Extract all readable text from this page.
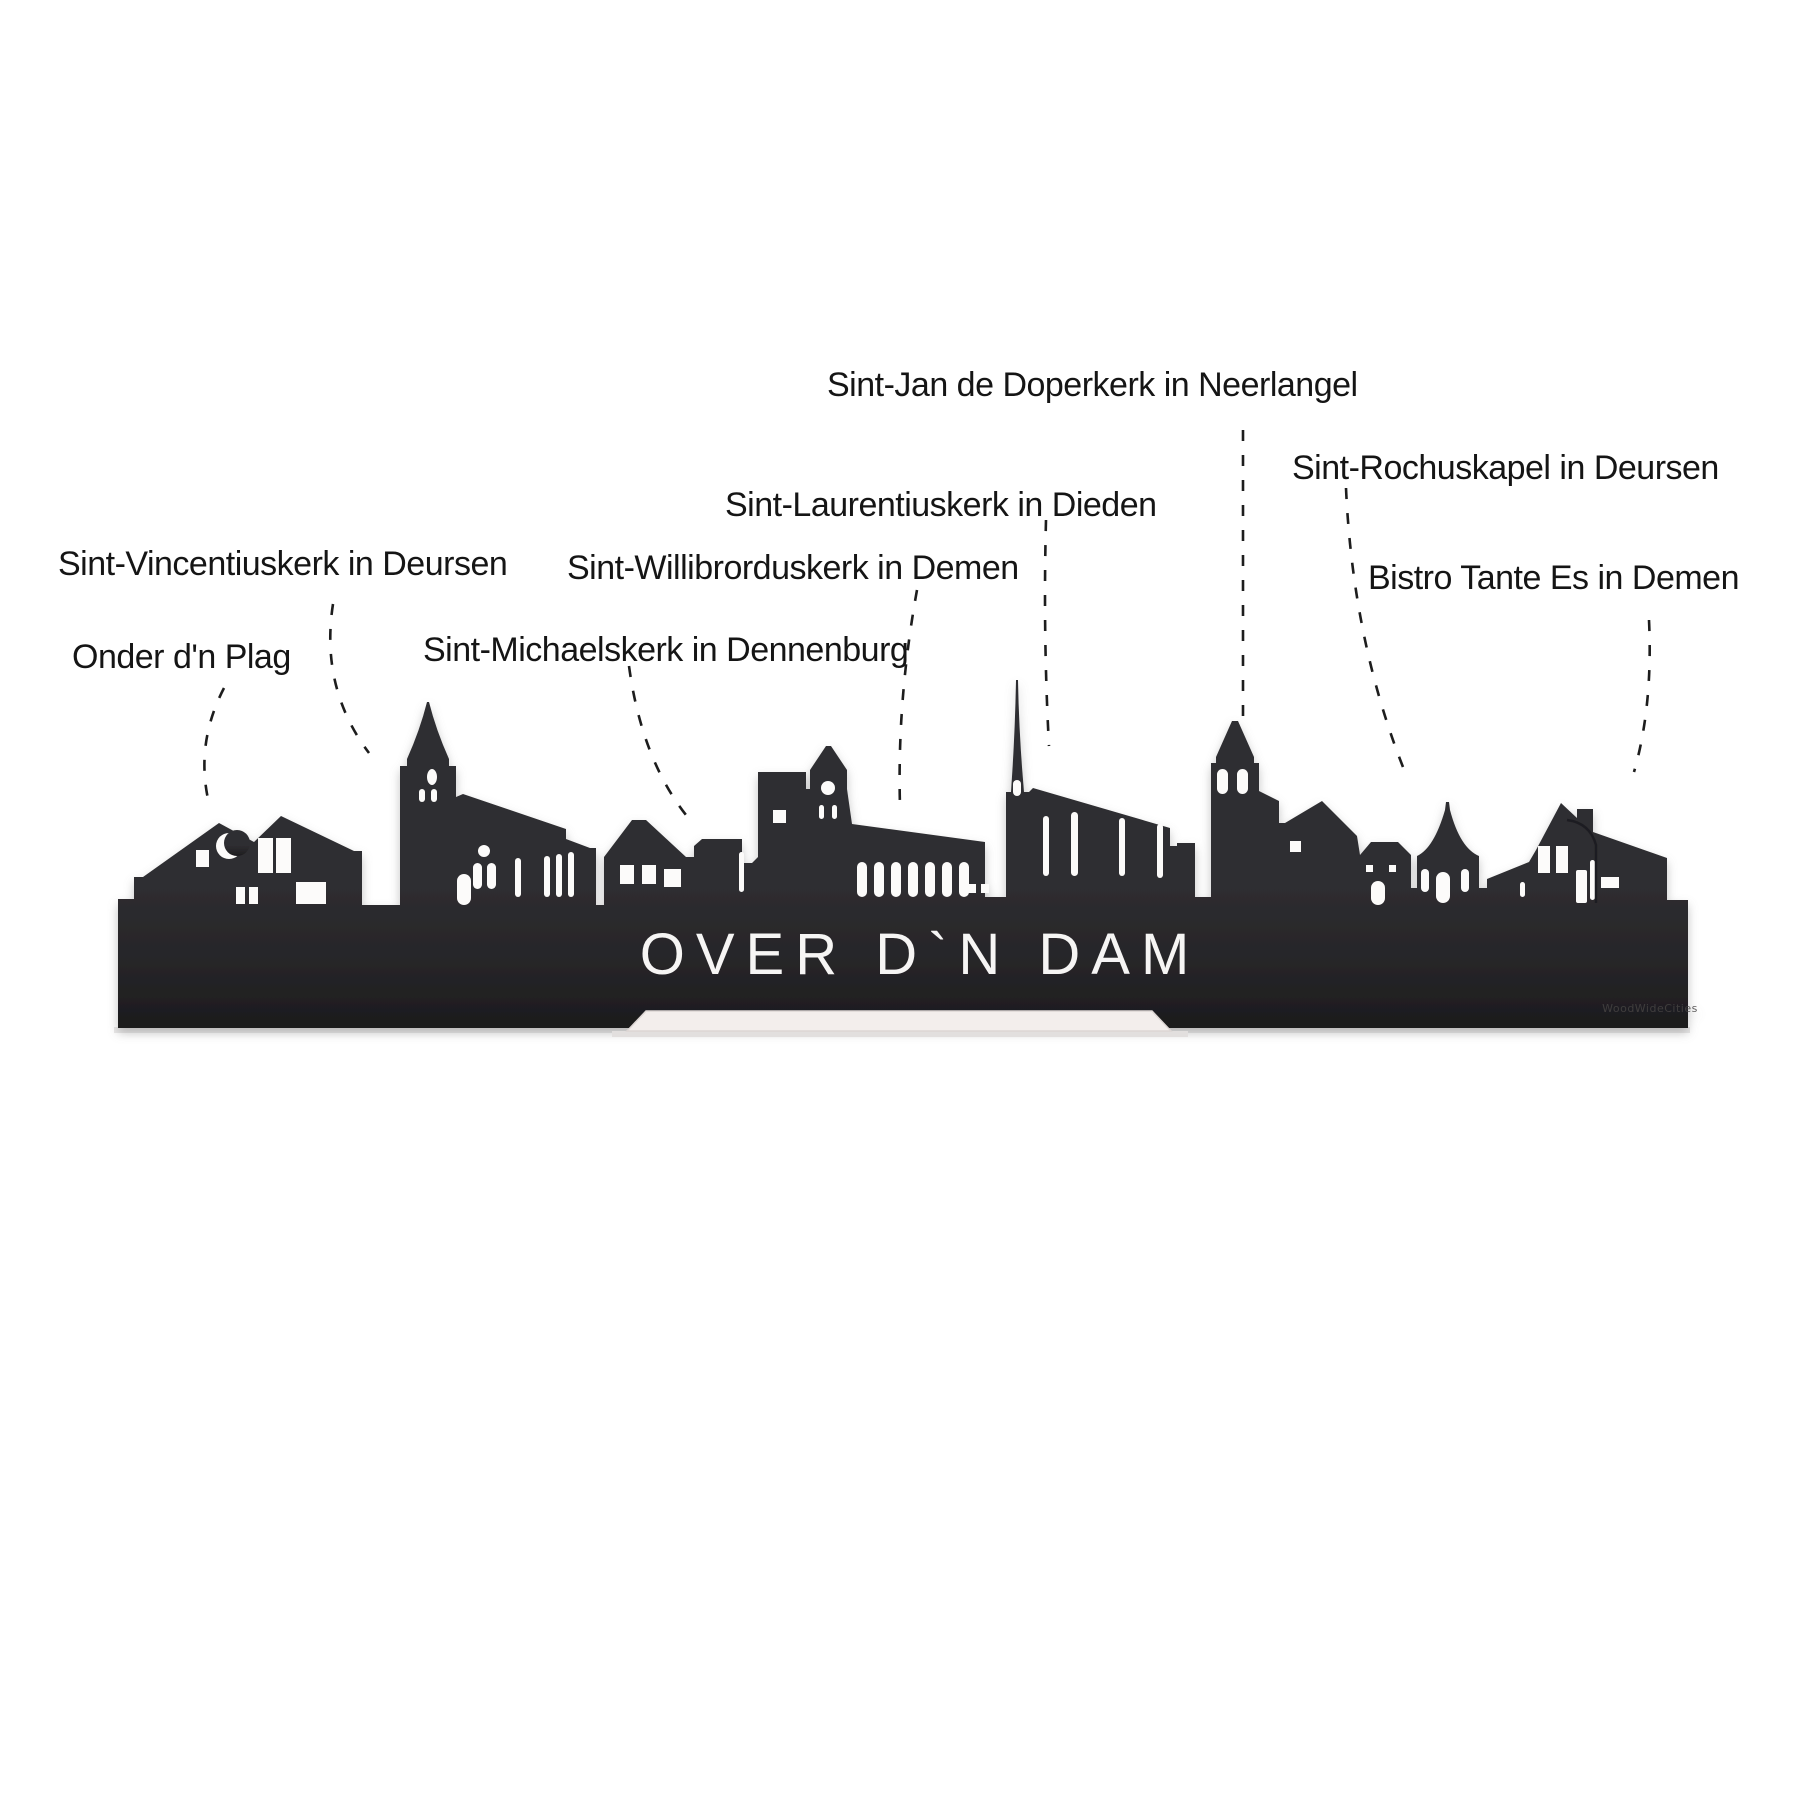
OVER D`N DAM
WoodWideCities
Sint-Jan de Doperkerk in Neerlangel
Sint-Rochuskapel in Deursen
Sint-Laurentiuskerk in Dieden
Sint-Willibrorduskerk in Demen	Bistro Tante Es in Demen
Sint-Vincentiuskerk in Deursen
Sint-Michaelskerk in Dennenburg
Onder d'n Plag
